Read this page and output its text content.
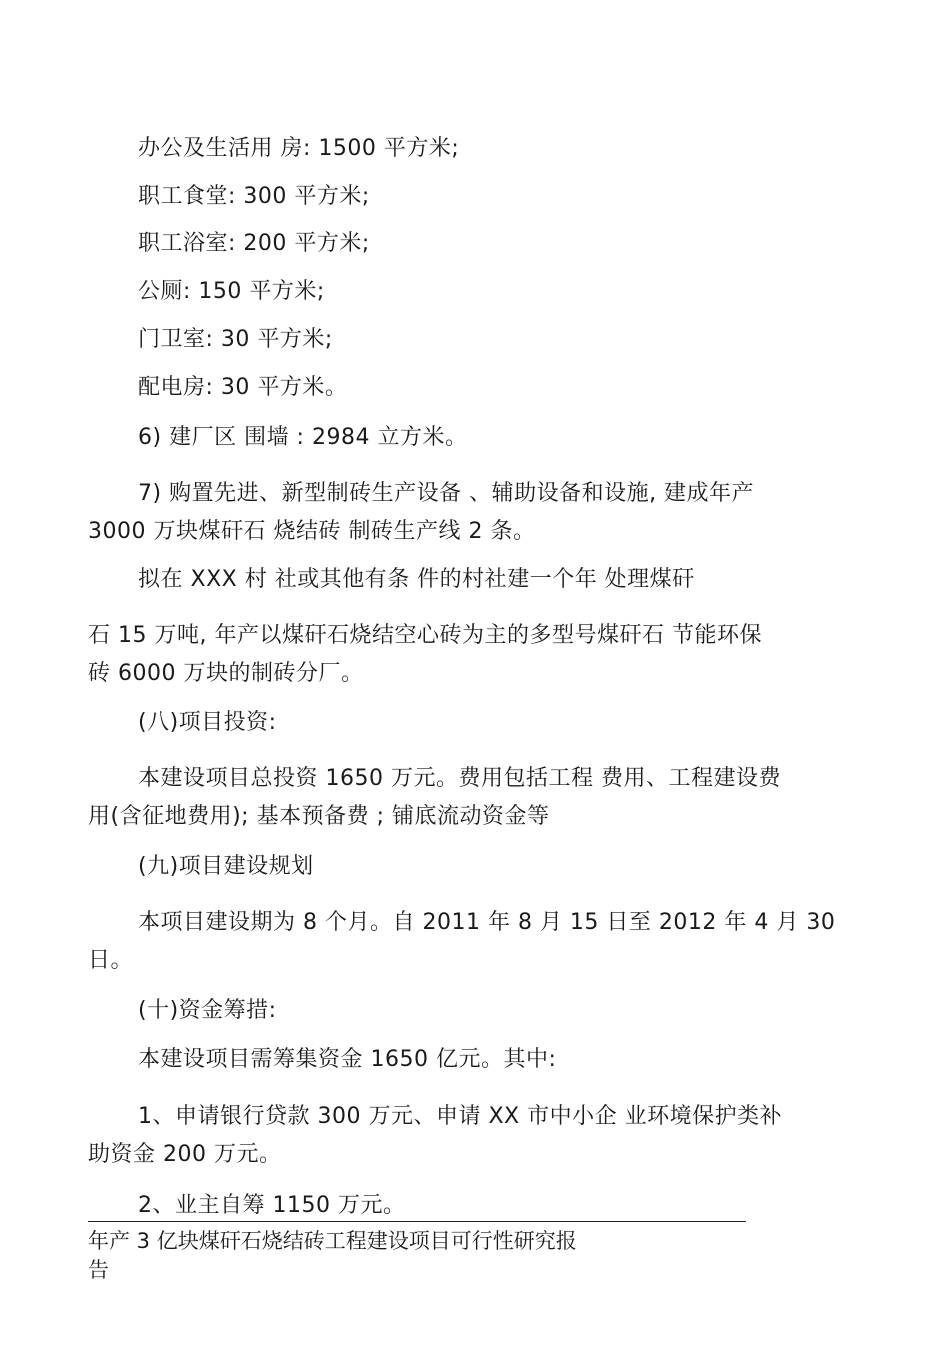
办公及生活用 房: 1500 平方米;
职工食堂: 300 平方米;
职工浴室: 200 平方米;
公厕: 150 平方米;
门卫室: 30 平方米;
配电房: 30 平方米。
6) 建厂区 围墙 : 2984 立方米。
7) 购置先进、新型制砖生产设备 、辅助设备和设施, 建成年产
3000 万块煤矸石 烧结砖 制砖生产线 2 条。
拟在 XXX 村 社或其他有条 件的村社建一个年 处理煤矸
石 15 万吨, 年产以煤矸石烧结空心砖为主的多型号煤矸石 节能环保
砖 6000 万块的制砖分厂。
(八)项目投资:
本建设项目总投资 1650 万元。费用包括工程 费用、工程建设费
用(含征地费用); 基本预备费 ; 铺底流动资金等
(九)项目建设规划
本项目建设期为 8 个月。自 2011 年 8 月 15 日至 2012 年 4 月 30
日。
(十)资金筹措:
本建设项目需筹集资金 1650 亿元。其中:
1、申请银行贷款 300 万元、申请 XX 市中小企 业环境保护类补
助资金 200 万元。
2、业主自筹 1150 万元。
年产 3 亿块煤矸石烧结砖工程建设项目可行性研究报
告
